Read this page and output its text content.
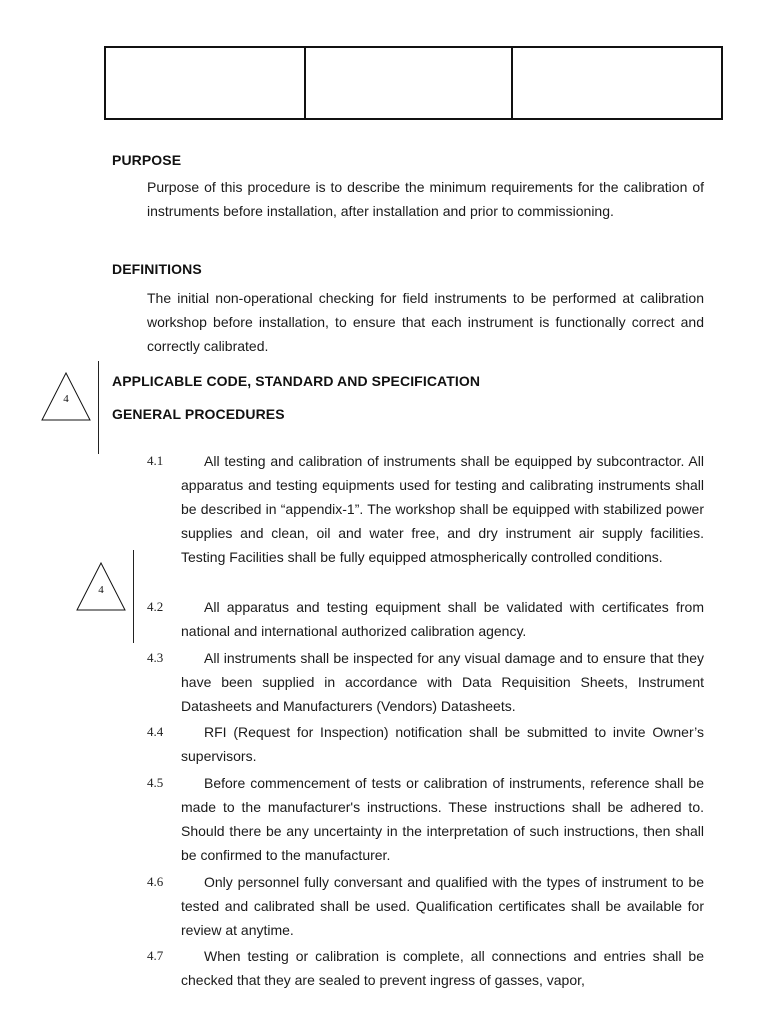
PURPOSE

Purpose of this procedure is to describe the minimum requirements for the calibration of instruments before installation, after installation and prior to commissioning.

DEFINITIONS

The initial non-operational checking for field instruments to be performed at calibration workshop before installation, to ensure that each instrument is functionally correct and correctly calibrated.

4
APPLICABLE CODE, STANDARD AND SPECIFICATION
GENERAL PROCEDURES
4
4.1	All testing and calibration of instruments shall be equipped by subcontractor. All apparatus and testing equipments used for testing and calibrating instruments shall be described in “appendix-1”. The workshop shall be equipped with stabilized power supplies and clean, oil and water free, and dry instrument air supply facilities. Testing Facilities shall be fully equipped atmospherically controlled conditions.

4.2	All apparatus and testing equipment shall be validated with certificates from national and international authorized calibration agency.

4.3	All instruments shall be inspected for any visual damage and to ensure that they have been supplied in accordance with Data Requisition Sheets, Instrument Datasheets and Manufacturers (Vendors) Datasheets.

4.4	RFI (Request for Inspection) notification shall be submitted to invite Owner’s supervisors.

4.5	Before commencement of tests or calibration of instruments, reference shall be made to the manufacturer's instructions. These instructions shall be adhered to. Should there be any uncertainty in the interpretation of such instructions, then shall be confirmed to the manufacturer.

4.6	Only personnel fully conversant and qualified with the types of instrument to be tested and calibrated shall be used. Qualification certificates shall be available for review at anytime.

4.7	When testing or calibration is complete, all connections and entries shall be checked that they are sealed to prevent ingress of gasses, vapor,
